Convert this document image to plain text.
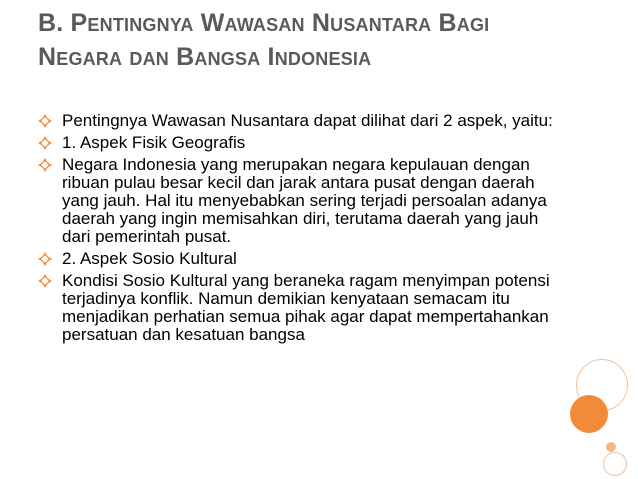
B. Pentingnya Wawasan Nusantara Bagi
Negara dan Bangsa Indonesia
Pentingnya Wawasan Nusantara dapat dilihat dari 2 aspek, yaitu:
1. Aspek Fisik Geografis
Negara Indonesia yang merupakan negara kepulauan dengan ribuan pulau besar kecil dan jarak antara pusat dengan daerah yang jauh. Hal itu menyebabkan sering terjadi persoalan adanya daerah yang ingin memisahkan diri, terutama daerah yang jauh dari pemerintah pusat.
2. Aspek Sosio Kultural
Kondisi Sosio Kultural yang beraneka ragam menyimpan potensi terjadinya konflik. Namun demikian kenyataan semacam itu menjadikan perhatian semua pihak agar dapat mempertahankan persatuan dan kesatuan bangsa
